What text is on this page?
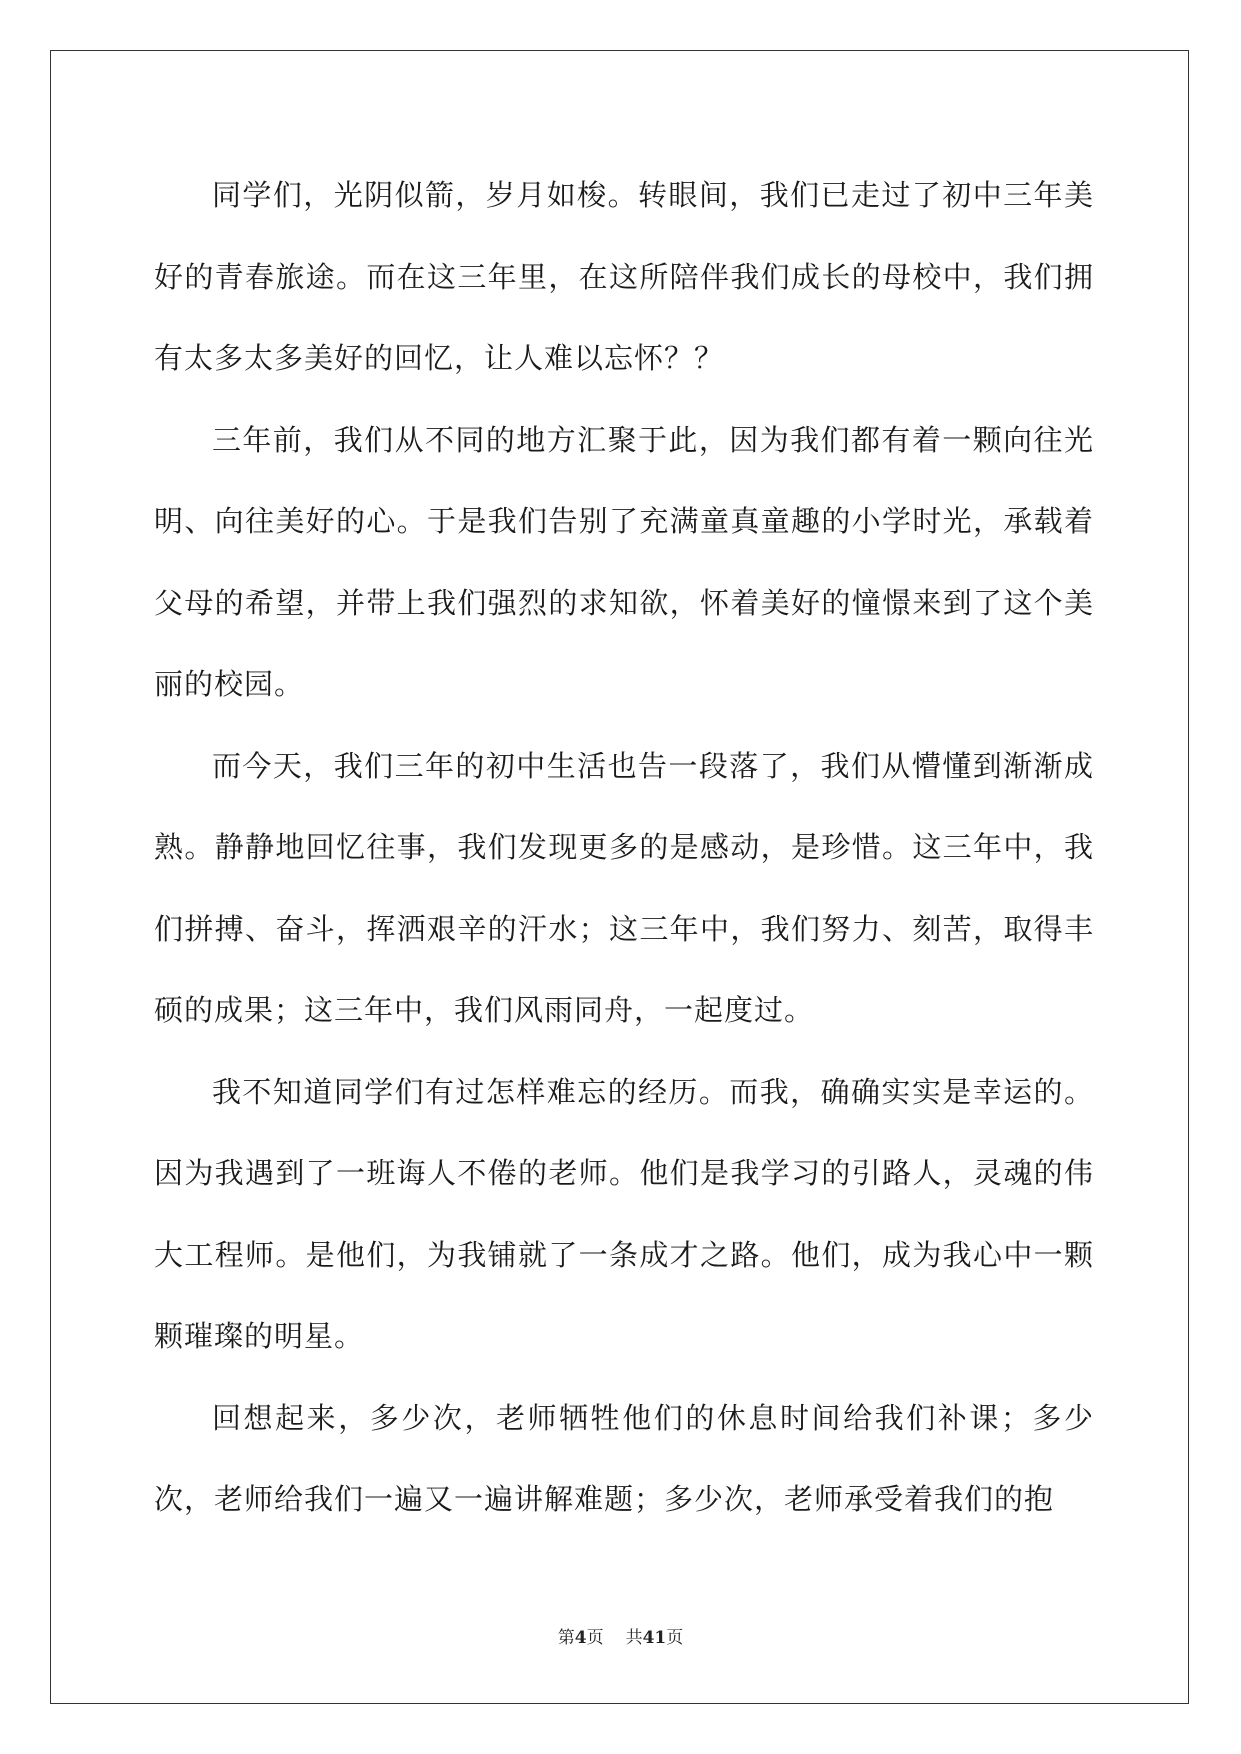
同学们，光阴似箭，岁月如梭。转眼间，我们已走过了初中三年美好的青春旅途。而在这三年里，在这所陪伴我们成长的母校中，我们拥有太多太多美好的回忆，让人难以忘怀？？

三年前，我们从不同的地方汇聚于此，因为我们都有着一颗向往光明、向往美好的心。于是我们告别了充满童真童趣的小学时光，承载着父母的希望，并带上我们强烈的求知欲，怀着美好的憧憬来到了这个美丽的校园。

而今天，我们三年的初中生活也告一段落了，我们从懵懂到渐渐成熟。静静地回忆往事，我们发现更多的是感动，是珍惜。这三年中，我们拼搏、奋斗，挥洒艰辛的汗水；这三年中，我们努力、刻苦，取得丰硕的成果；这三年中，我们风雨同舟，一起度过。

我不知道同学们有过怎样难忘的经历。而我，确确实实是幸运的。因为我遇到了一班诲人不倦的老师。他们是我学习的引路人，灵魂的伟大工程师。是他们，为我铺就了一条成才之路。他们，成为我心中一颗颗璀璨的明星。

回想起来，多少次，老师牺牲他们的休息时间给我们补课；多少次，老师给我们一遍又一遍讲解难题；多少次，老师承受着我们的抱

第4页 共41页
